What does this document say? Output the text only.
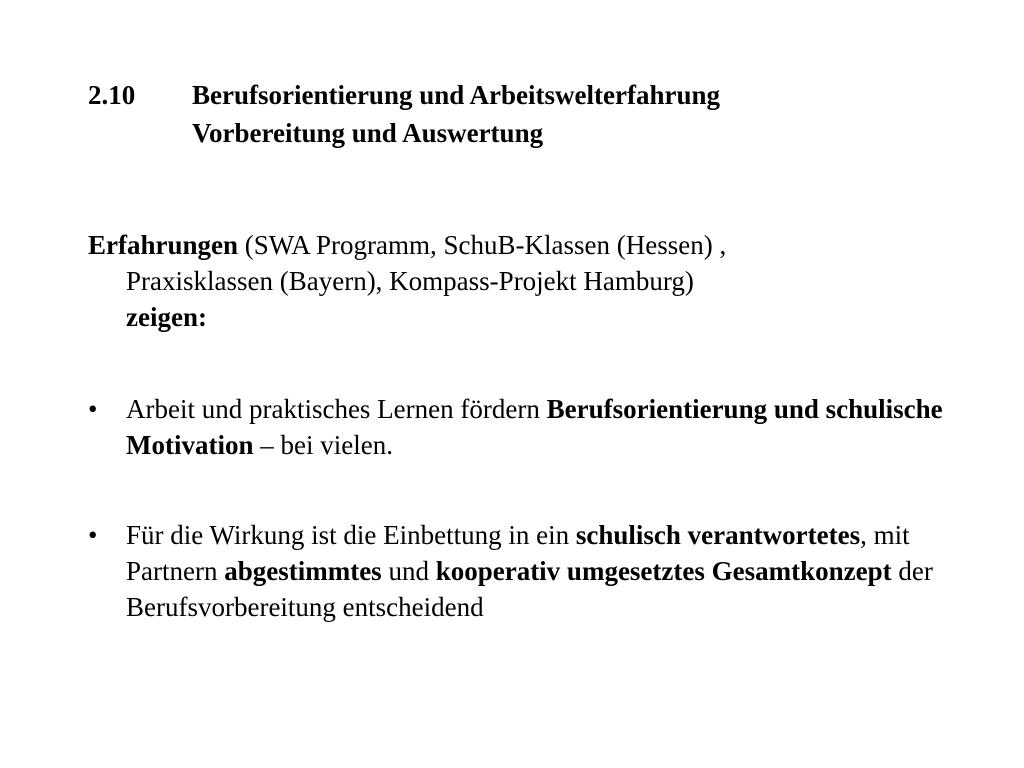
2.10	Berufsorientierung und Arbeitswelterfahrung
Vorbereitung und Auswertung
Erfahrungen (SWA Programm, SchuB-Klassen (Hessen) ,
Praxisklassen (Bayern), Kompass-Projekt Hamburg)
zeigen:
• Arbeit und praktisches Lernen fördern Berufsorientierung und schulische Motivation – bei vielen.
• Für die Wirkung ist die Einbettung in ein schulisch verantwortetes, mit Partnern abgestimmtes und kooperativ umgesetztes Gesamtkonzept der Berufsvorbereitung entscheidend
